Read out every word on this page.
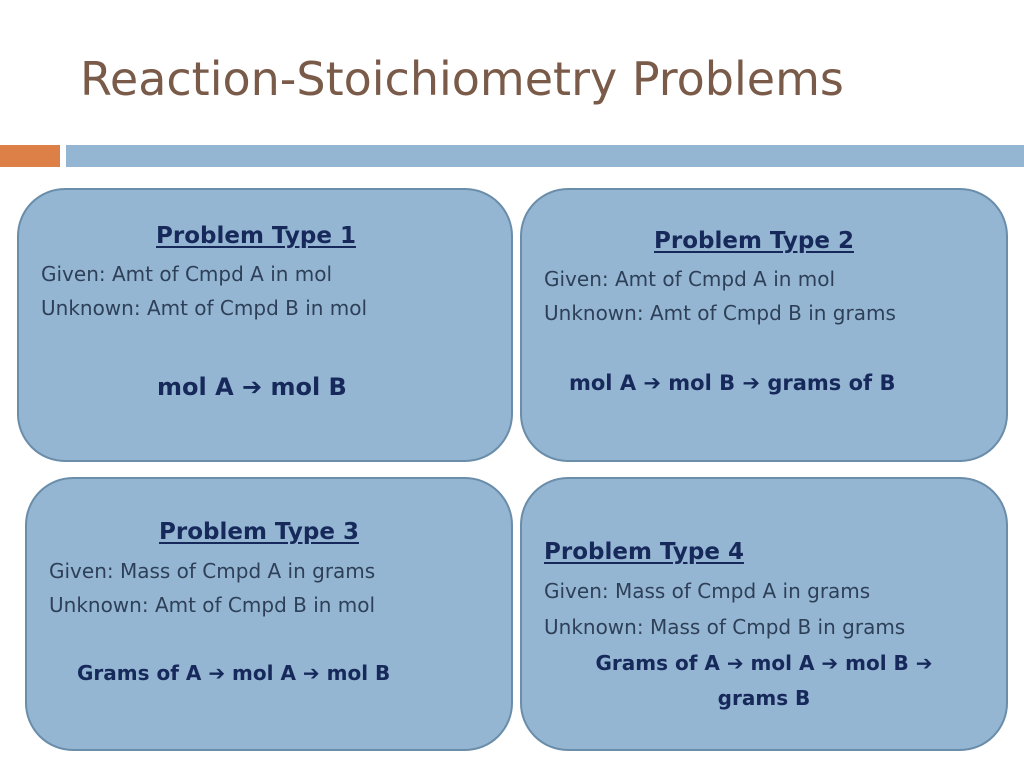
Reaction-Stoichiometry Problems
Problem Type 1
Given: Amt of Cmpd A in mol
Unknown: Amt of Cmpd B in mol
mol A ➔ mol B
Problem Type 2
Given: Amt of Cmpd A in mol
Unknown: Amt of Cmpd B in grams
mol A ➔ mol B ➔ grams of B
Problem Type 3
Given: Mass of Cmpd A in grams
Unknown: Amt of Cmpd B in mol
Grams of A ➔ mol A ➔ mol B
Problem Type 4
Given: Mass of Cmpd A in grams
Unknown: Mass of Cmpd B in grams
Grams of A ➔ mol A ➔ mol B ➔
grams B
